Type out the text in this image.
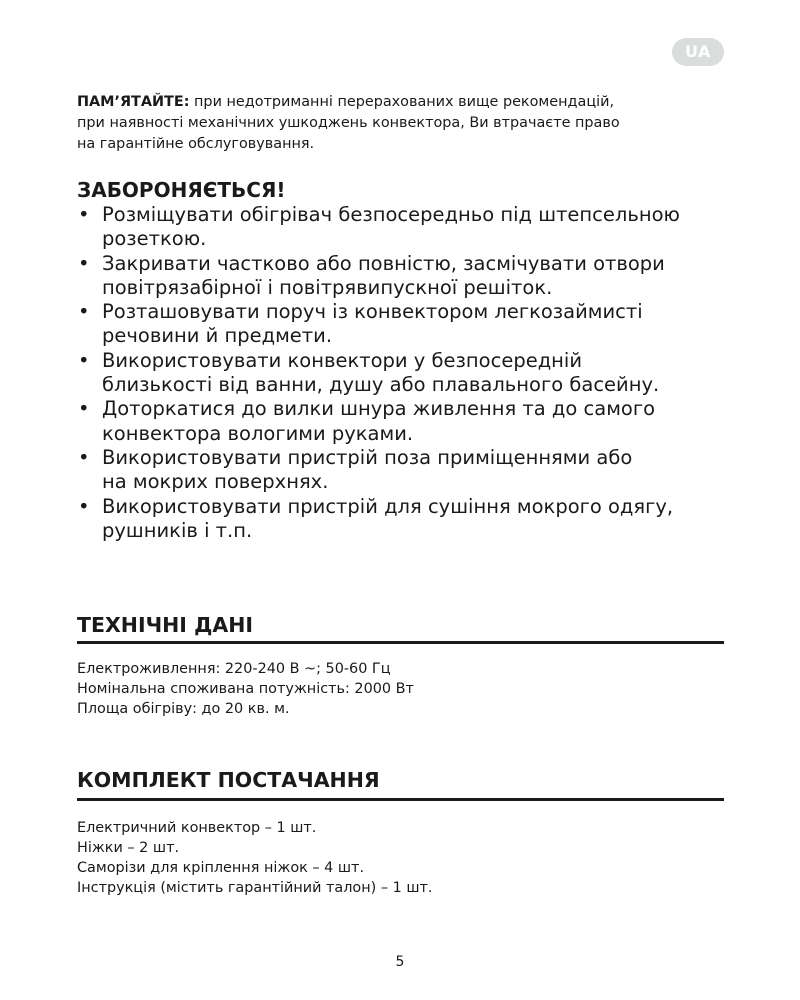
UA

ПАМ’ЯТАЙТЕ: при недотриманні перерахованих вище рекомендацій,
при наявності механічних ушкоджень конвектора, Ви втрачаєте право
на гарантійне обслуговування.

ЗАБОРОНЯЄТЬСЯ!
• Розміщувати обігрівач безпосередньо під штепсельною
розеткою.
• Закривати частково або повністю, засмічувати отвори
повітрязабірної і повітрявипускної решіток.
• Розташовувати поруч із конвектором легкозаймисті
речовини й предмети.
• Використовувати конвектори у безпосередній
близькості від ванни, душу або плавального басейну.
• Доторкатися до вилки шнура живлення та до самого
конвектора вологими руками.
• Використовувати пристрій поза приміщеннями або
на мокрих поверхнях.
• Використовувати пристрій для сушіння мокрого одягу,
рушників і т.п.
ТЕХНІЧНІ ДАНІ
Електроживлення: 220-240 В ~; 50-60 Гц
Номінальна споживана потужність: 2000 Вт
Площа обігріву: до 20 кв. м.
КОМПЛЕКТ ПОСТАЧАННЯ
Електричний конвектор – 1 шт.
Ніжки – 2 шт.
Саморізи для кріплення ніжок – 4 шт.
Інструкція (містить гарантійний талон) – 1 шт.
5
